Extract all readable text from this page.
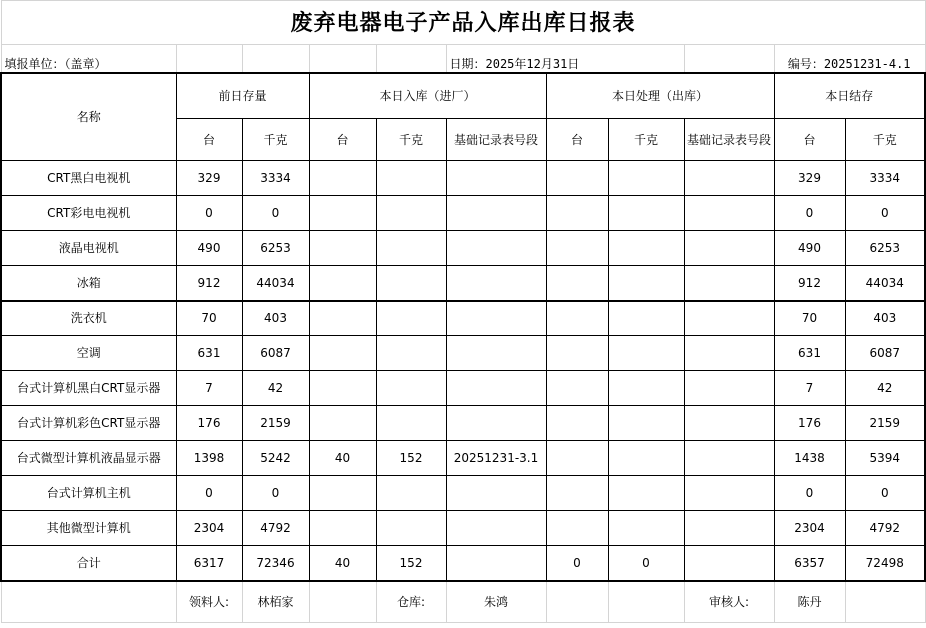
废弃电器电子产品入库出库日报表										
填报单位：（盖章）					日期：2025年12月31日				编号：20251231-4.1	
名称	前日存量		本日入库（进厂）			本日处理（出库）			本日结存	
	台	千克	台	千克	基础记录表号段	台	千克	基础记录表号段	台	千克
CRT黑白电视机	329	3334							329	3334
CRT彩电电视机	0	0							0	0
液晶电视机	490	6253							490	6253
冰箱	912	44034							912	44034
洗衣机	70	403							70	403
空调	631	6087							631	6087
台式计算机黑白CRT显示器	7	42							7	42
台式计算机彩色CRT显示器	176	2159							176	2159
台式微型计算机液晶显示器	1398	5242	40	152	20251231-3.1				1438	5394
台式计算机主机	0	0							0	0
其他微型计算机	2304	4792							2304	4792
合计	6317	72346	40	152		0	0		6357	72498
	领料人:	林栢家		仓库:	朱鸿			审核人:	陈丹	
